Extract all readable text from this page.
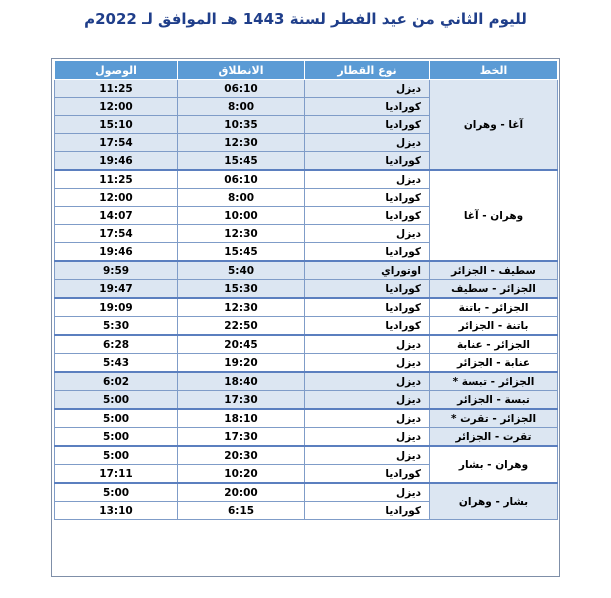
لليوم الثاني من عيد الفطر لسنة 1443 هـ الموافق لـ 2022م
الخط	نوع القطار	الانطلاق	الوصول
آغا - وهران	ديزل	06:10	11:25
	كوراديا	8:00	12:00
	كوراديا	10:35	15:10
	ديزل	12:30	17:54
	كوراديا	15:45	19:46
وهران - آغا	ديزل	06:10	11:25
	كوراديا	8:00	12:00
	كوراديا	10:00	14:07
	ديزل	12:30	17:54
	كوراديا	15:45	19:46
سطيف - الجزائر	اوتوراي	5:40	9:59
الجزائر - سطيف	كوراديا	15:30	19:47
الجزائر - باتنة	كوراديا	12:30	19:09
باتنة - الجزائر	كوراديا	22:50	5:30
الجزائر - عنابة	ديزل	20:45	6:28
عنابة - الجزائر	ديزل	19:20	5:43
الجزائر - تبسة *	ديزل	18:40	6:02
تبسة - الجزائر	ديزل	17:30	5:00
الجزائر - تقرت *	ديزل	18:10	5:00
تقرت - الجزائر	ديزل	17:30	5:00
وهران - بشار	ديزل	20:30	5:00
	كوراديا	10:20	17:11
بشار - وهران	ديزل	20:00	5:00
	كوراديا	6:15	13:10
